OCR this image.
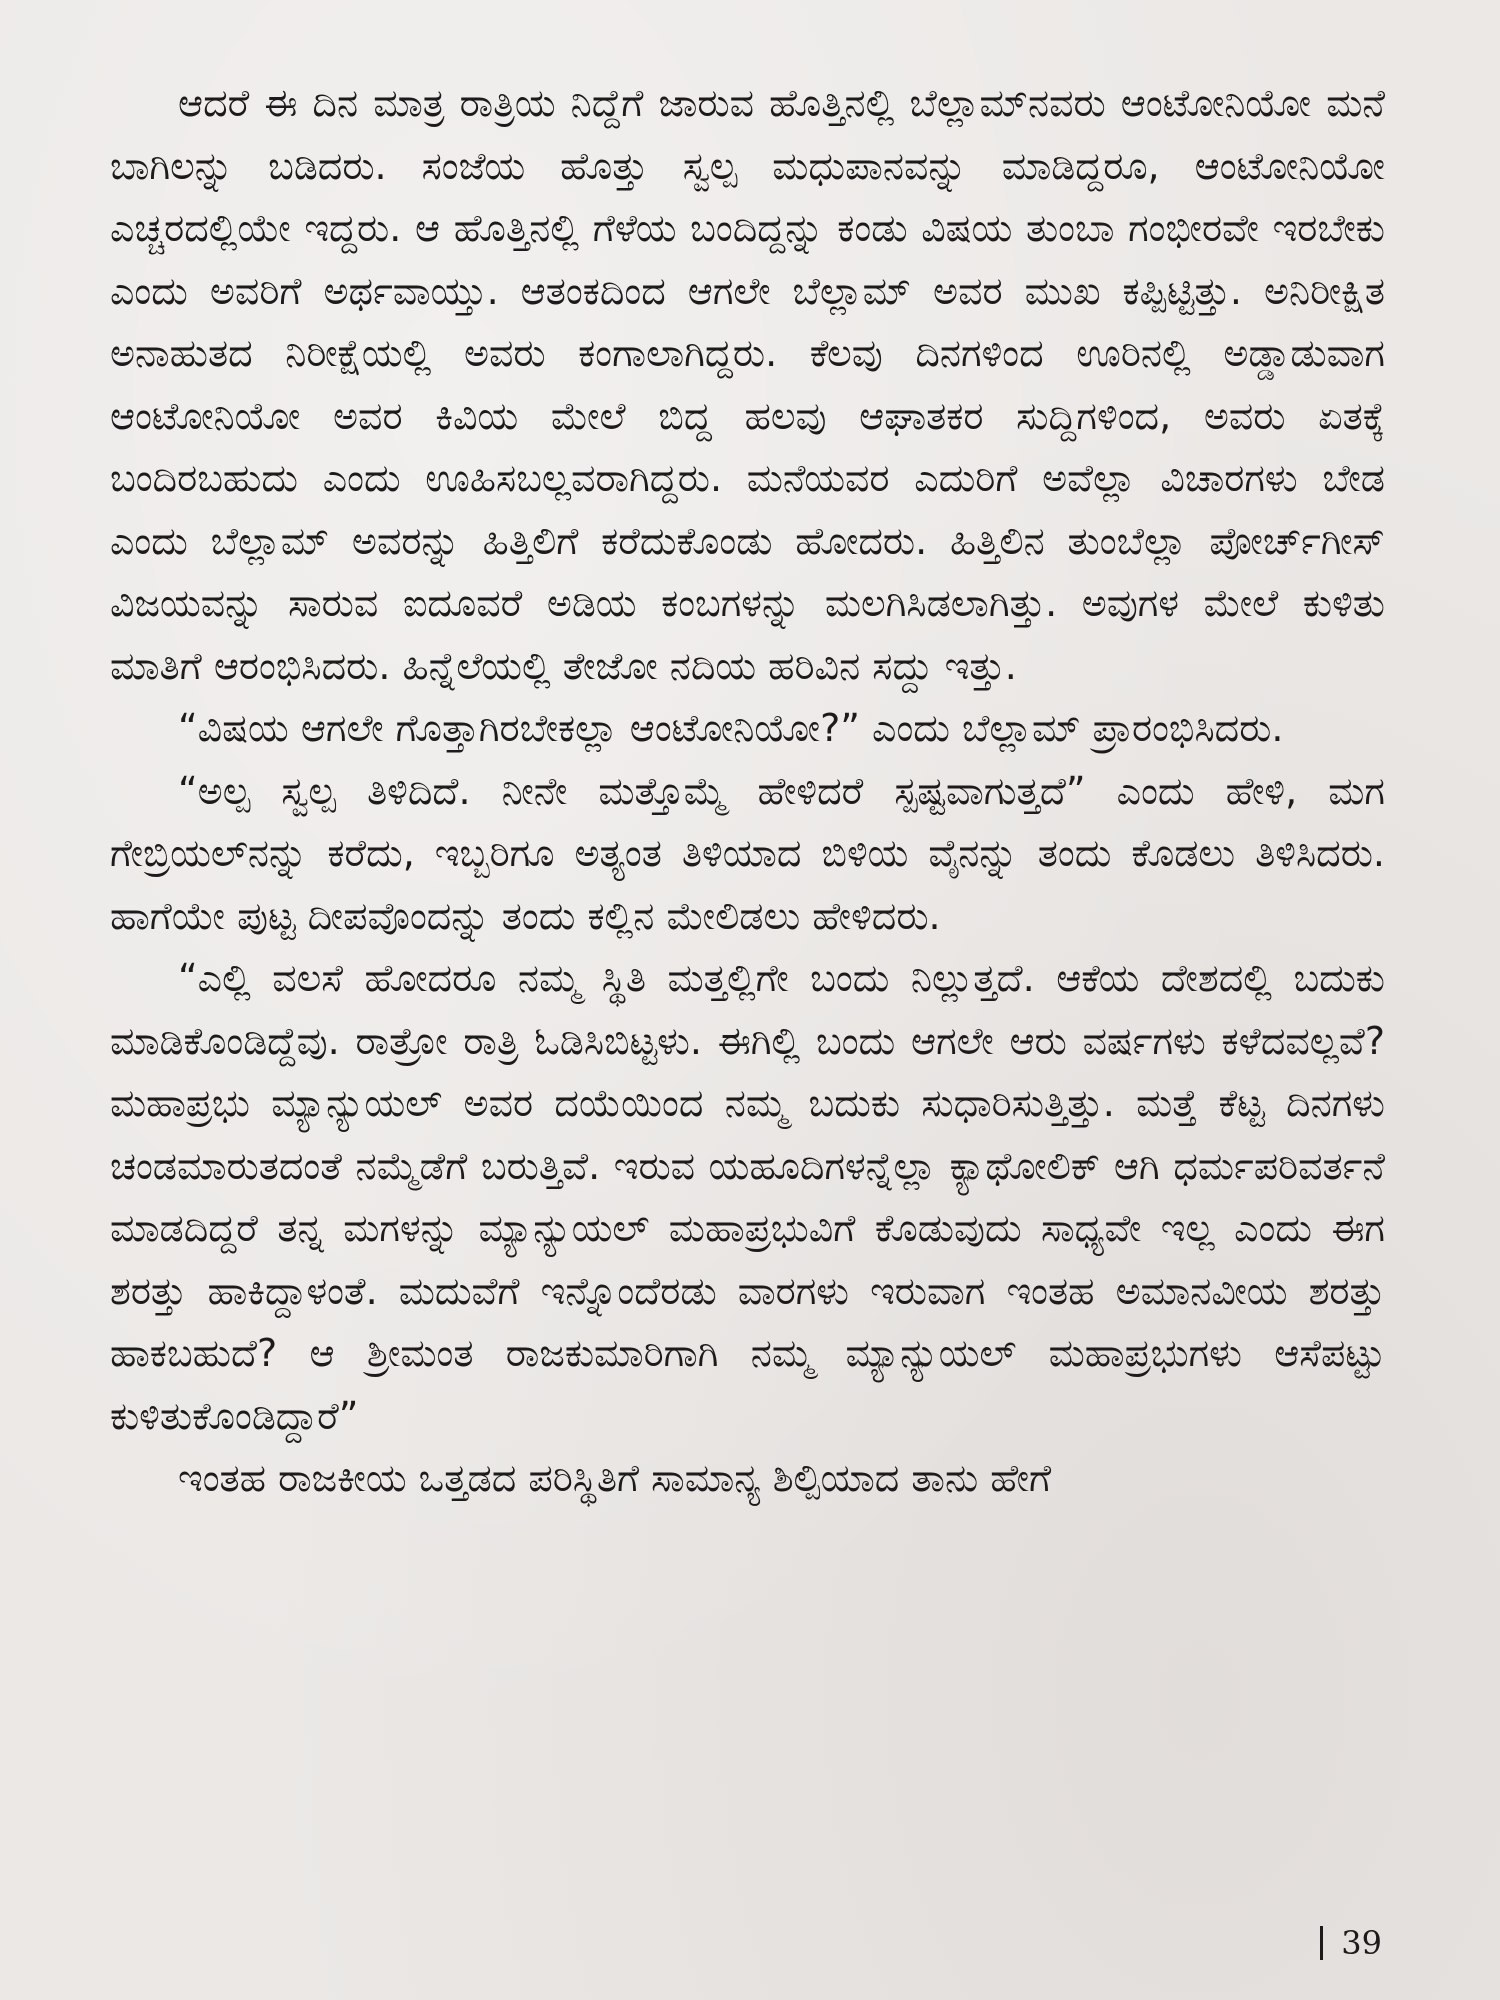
ಆದರೆ ಈ ದಿನ ಮಾತ್ರ ರಾತ್ರಿಯ ನಿದ್ದೆಗೆ ಜಾರುವ ಹೊತ್ತಿನಲ್ಲಿ ಬೆಲ್ಲಾಮ್‌ನವರು ಆಂಟೋನಿಯೋ ಮನೆ ಬಾಗಿಲನ್ನು ಬಡಿದರು. ಸಂಜೆಯ ಹೊತ್ತು ಸ್ವಲ್ಪ ಮಧುಪಾನವನ್ನು ಮಾಡಿದ್ದರೂ, ಆಂಟೋನಿಯೋ ಎಚ್ಚರದಲ್ಲಿಯೇ ಇದ್ದರು. ಆ ಹೊತ್ತಿನಲ್ಲಿ ಗೆಳೆಯ ಬಂದಿದ್ದನ್ನು ಕಂಡು ವಿಷಯ ತುಂಬಾ ಗಂಭೀರವೇ ಇರಬೇಕು ಎಂದು ಅವರಿಗೆ ಅರ್ಥವಾಯ್ತು. ಆತಂಕದಿಂದ ಆಗಲೇ ಬೆಲ್ಲಾಮ್ ಅವರ ಮುಖ ಕಪ್ಪಿಟ್ಟಿತ್ತು. ಅನಿರೀಕ್ಷಿತ ಅನಾಹುತದ ನಿರೀಕ್ಷೆಯಲ್ಲಿ ಅವರು ಕಂಗಾಲಾಗಿದ್ದರು. ಕೆಲವು ದಿನಗಳಿಂದ ಊರಿನಲ್ಲಿ ಅಡ್ಡಾಡುವಾಗ ಆಂಟೋನಿಯೋ ಅವರ ಕಿವಿಯ ಮೇಲೆ ಬಿದ್ದ ಹಲವು ಆಘಾತಕರ ಸುದ್ದಿಗಳಿಂದ, ಅವರು ಏತಕ್ಕೆ ಬಂದಿರಬಹುದು ಎಂದು ಊಹಿಸಬಲ್ಲವರಾಗಿದ್ದರು. ಮನೆಯವರ ಎದುರಿಗೆ ಅವೆಲ್ಲಾ ವಿಚಾರಗಳು ಬೇಡ ಎಂದು ಬೆಲ್ಲಾಮ್ ಅವರನ್ನು ಹಿತ್ತಿಲಿಗೆ ಕರೆದುಕೊಂಡು ಹೋದರು. ಹಿತ್ತಿಲಿನ ತುಂಬೆಲ್ಲಾ ಪೋರ್ಚ್‌ಗೀಸ್ ವಿಜಯವನ್ನು ಸಾರುವ ಐದೂವರೆ ಅಡಿಯ ಕಂಬಗಳನ್ನು ಮಲಗಿಸಿಡಲಾಗಿತ್ತು. ಅವುಗಳ ಮೇಲೆ ಕುಳಿತು ಮಾತಿಗೆ ಆರಂಭಿಸಿದರು. ಹಿನ್ನೆಲೆಯಲ್ಲಿ ತೇಜೋ ನದಿಯ ಹರಿವಿನ ಸದ್ದು ಇತ್ತು.

“ವಿಷಯ ಆಗಲೇ ಗೊತ್ತಾಗಿರಬೇಕಲ್ಲಾ ಆಂಟೋನಿಯೋ?” ಎಂದು ಬೆಲ್ಲಾಮ್ ಪ್ರಾರಂಭಿಸಿದರು.

“ಅಲ್ಪ ಸ್ವಲ್ಪ ತಿಳಿದಿದೆ. ನೀನೇ ಮತ್ತೊಮ್ಮೆ ಹೇಳಿದರೆ ಸ್ಪಷ್ಟವಾಗುತ್ತದೆ” ಎಂದು ಹೇಳಿ, ಮಗ ಗೇಬ್ರಿಯಲ್‌ನನ್ನು ಕರೆದು, ಇಬ್ಬರಿಗೂ ಅತ್ಯಂತ ತಿಳಿಯಾದ ಬಿಳಿಯ ವೈನನ್ನು ತಂದು ಕೊಡಲು ತಿಳಿಸಿದರು. ಹಾಗೆಯೇ ಪುಟ್ಟ ದೀಪವೊಂದನ್ನು ತಂದು ಕಲ್ಲಿನ ಮೇಲಿಡಲು ಹೇಳಿದರು.

“ಎಲ್ಲಿ ವಲಸೆ ಹೋದರೂ ನಮ್ಮ ಸ್ಥಿತಿ ಮತ್ತಲ್ಲಿಗೇ ಬಂದು ನಿಲ್ಲುತ್ತದೆ. ಆಕೆಯ ದೇಶದಲ್ಲಿ ಬದುಕು ಮಾಡಿಕೊಂಡಿದ್ದೆವು. ರಾತ್ರೋ ರಾತ್ರಿ ಓಡಿಸಿಬಿಟ್ಟಳು. ಈಗಿಲ್ಲಿ ಬಂದು ಆಗಲೇ ಆರು ವರ್ಷಗಳು ಕಳೆದವಲ್ಲವೆ? ಮಹಾಪ್ರಭು ಮ್ಯಾನ್ಯುಯಲ್ ಅವರ ದಯೆಯಿಂದ ನಮ್ಮ ಬದುಕು ಸುಧಾರಿಸುತ್ತಿತ್ತು. ಮತ್ತೆ ಕೆಟ್ಟ ದಿನಗಳು ಚಂಡಮಾರುತದಂತೆ ನಮ್ಮೆಡೆಗೆ ಬರುತ್ತಿವೆ. ಇರುವ ಯಹೂದಿಗಳನ್ನೆಲ್ಲಾ ಕ್ಯಾಥೋಲಿಕ್ ಆಗಿ ಧರ್ಮಪರಿವರ್ತನೆ ಮಾಡದಿದ್ದರೆ ತನ್ನ ಮಗಳನ್ನು ಮ್ಯಾನ್ಯುಯಲ್ ಮಹಾಪ್ರಭುವಿಗೆ ಕೊಡುವುದು ಸಾಧ್ಯವೇ ಇಲ್ಲ ಎಂದು ಈಗ ಶರತ್ತು ಹಾಕಿದ್ದಾಳಂತೆ. ಮದುವೆಗೆ ಇನ್ನೊಂದೆರಡು ವಾರಗಳು ಇರುವಾಗ ಇಂತಹ ಅಮಾನವೀಯ ಶರತ್ತು ಹಾಕಬಹುದೆ? ಆ ಶ್ರೀಮಂತ ರಾಜಕುಮಾರಿಗಾಗಿ ನಮ್ಮ ಮ್ಯಾನ್ಯುಯಲ್ ಮಹಾಪ್ರಭುಗಳು ಆಸೆಪಟ್ಟು ಕುಳಿತುಕೊಂಡಿದ್ದಾರೆ”

ಇಂತಹ ರಾಜಕೀಯ ಒತ್ತಡದ ಪರಿಸ್ಥಿತಿಗೆ ಸಾಮಾನ್ಯ ಶಿಲ್ಪಿಯಾದ ತಾನು ಹೇಗೆ

39
